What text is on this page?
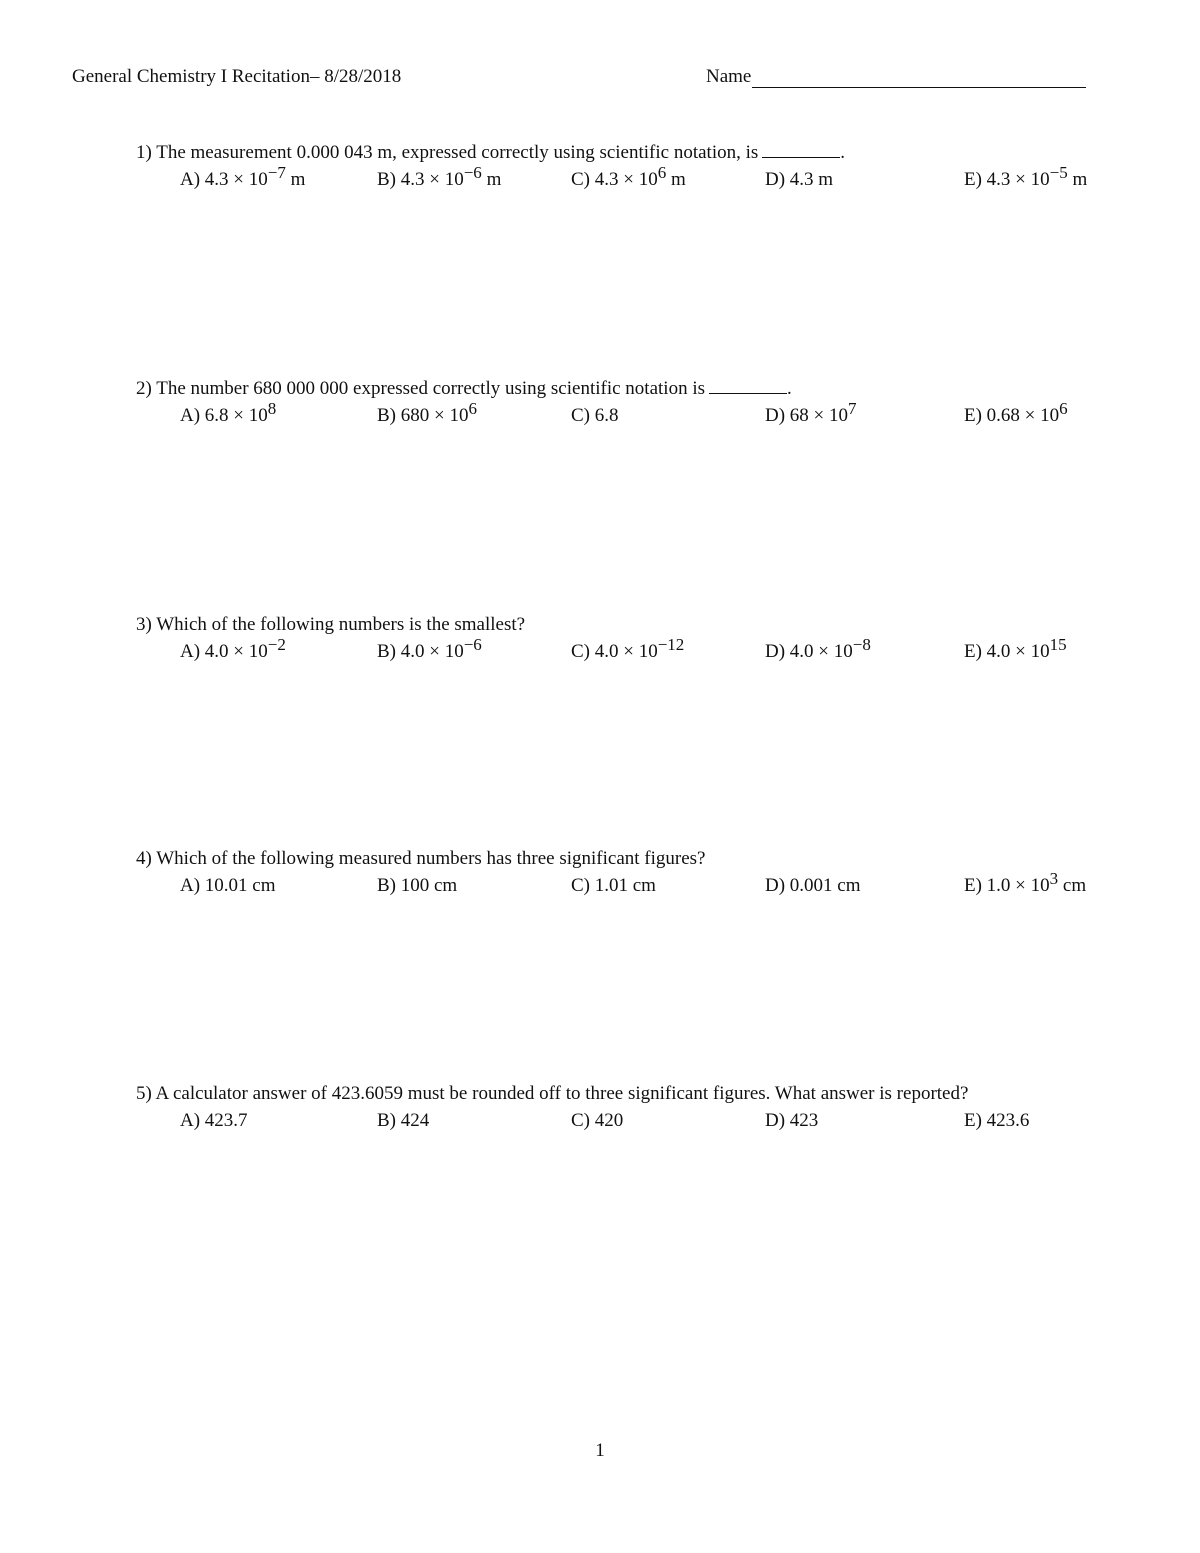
General Chemistry I Recitation– 8/28/2018	Name
1) The measurement 0.000 043 m, expressed correctly using scientific notation, is	.
A) 4.3 × 10−7 m	B) 4.3 × 10−6 m	C) 4.3 × 106 m	D) 4.3 m	E) 4.3 × 10−5 m
2) The number 680 000 000 expressed correctly using scientific notation is	.
A) 6.8 × 108	B) 680 × 106	C) 6.8	D) 68 × 107	E) 0.68 × 106
3) Which of the following numbers is the smallest?
A) 4.0 × 10−2	B) 4.0 × 10−6	C) 4.0 × 10−12	D) 4.0 × 10−8	E) 4.0 × 1015
4) Which of the following measured numbers has three significant figures?
A) 10.01 cm	B) 100 cm	C) 1.01 cm	D) 0.001 cm	E) 1.0 × 103 cm
5) A calculator answer of 423.6059 must be rounded off to three significant figures. What answer is reported?
A) 423.7	B) 424	C) 420	D) 423	E) 423.6
1
